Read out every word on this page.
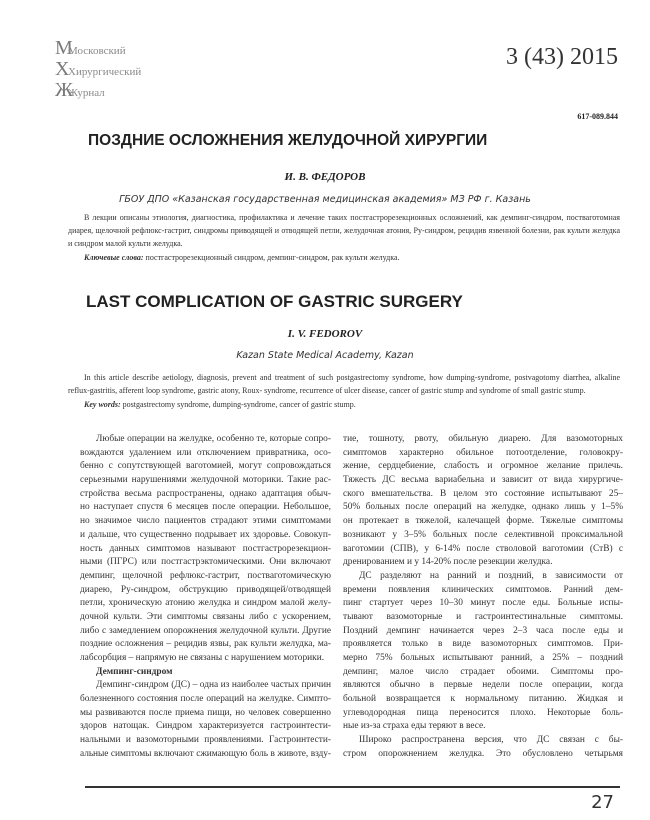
М
Московский
Х
Хирургический
Ж
Журнал
3 (43) 2015
617-089.844
ПОЗДНИЕ ОСЛОЖНЕНИЯ ЖЕЛУДОЧНОЙ ХИРУРГИИ
И. В. ФЕДОРОВ
ГБОУ ДПО «Казанская государственная медицинская академия» МЗ РФ г. Казань
В лекции описаны этиология, диагностика, профилактика и лечение таких постгастрорезекционных осложнений, как демпинг-синдром, постваготомная диарея, щелочной рефлюкс-гастрит, синдромы приводящей и отводящей петли, желудочная атония, Ру-синдром, рецидив язвенной болезни, рак культи желудка и синдром малой культи желудка.
Ключевые слова: постгастрорезекционный синдром, демпинг-синдром, рак культи желудка.
LAST COMPLICATION OF GASTRIC SURGERY
I. V. FEDOROV
Kazan State Medical Academy, Kazan
In this article describe aetiology, diagnosis, prevent and treatment of such postgastrectomy syndrome, how dumping-syndrome, postvagotomy diarrhea, alkaline reflux-gastritis, afferent loop syndrome, gastric atony, Roux- syndrome, recurrence of ulcer disease, cancer of gastric stump and syndrome of small gastric stump.
Key words: postgastrectomy syndrome, dumping-syndrome, cancer of gastric stump.
Любые операции на желудке, особенно те, которые сопро-
вождаются удалением или отключением привратника, осо-
бенно с сопутствующей ваготомией, могут сопровождаться
серьезными нарушениями желудочной моторики. Такие рас-
стройства весьма распространены, однако адаптация обыч-
но наступает спустя 6 месяцев после операции. Небольшое,
но значимое число пациентов страдают этими симптомами
и дальше, что существенно подрывает их здоровье. Совокуп-
ность данных симптомов называют постгастрорезекцион-
ными (ПГРС) или постгастрэктомическими. Они включают
демпинг, щелочной рефлюкс-гастрит, постваготомическую
диарею, Ру-синдром, обструкцию приводящей/отводящей
петли, хроническую атонию желудка и синдром малой желу-
дочной культи. Эти симптомы связаны либо с ускорением,
либо с замедлением опорожнения желудочной культи. Другие
поздние осложнения – рецидив язвы, рак культи желудка, ма-
лабсорбция – напрямую не связаны с нарушением моторики.
Демпинг-синдром
Демпинг-синдром (ДС) – одна из наиболее частых причин
болезненного состояния после операций на желудке. Симпто-
мы развиваются после приема пищи, но человек совершенно
здоров натощак. Синдром характеризуется гастроинтести-
нальными и вазомоторными проявлениями. Гастроинтести-
альные симптомы включают сжимающую боль в животе, взду-
тие, тошноту, рвоту, обильную диарею. Для вазомоторных
симптомов характерно обильное потоотделение, головокру-
жение, сердцебиение, слабость и огромное желание прилечь.
Тяжесть ДС весьма вариабельна и зависит от вида хирургиче-
ского вмешательства. В целом это состояние испытывают 25–
50% больных после операций на желудке, однако лишь у 1–5%
он протекает в тяжелой, калечащей форме. Тяжелые симптомы
возникают у 3–5% больных после селективной проксимальной
ваготомии (СПВ), у 6-14% после стволовой ваготомии (СтВ) с
дренированием и у 14-20% после резекции желудка.
ДС разделяют на ранний и поздний, в зависимости от
времени появления клинических симптомов. Ранний дем-
пинг стартует через 10–30 минут после еды. Больные испы-
тывают вазомоторные и гастроинтестинальные симптомы.
Поздний демпинг начинается через 2–3 часа после еды и
проявляется только в виде вазомоторных симптомов. При-
мерно 75% больных испытывают ранний, а 25% – поздний
демпинг, малое число страдает обоими. Симптомы про-
являются обычно в первые недели после операции, когда
больной возвращается к нормальному питанию. Жидкая и
углеводородная пища переносится плохо. Некоторые боль-
ные из-за страха еды теряют в весе.
Широко распространена версия, что ДС связан с бы-
стром опорожнением желудка. Это обусловлено четырьмя
27
